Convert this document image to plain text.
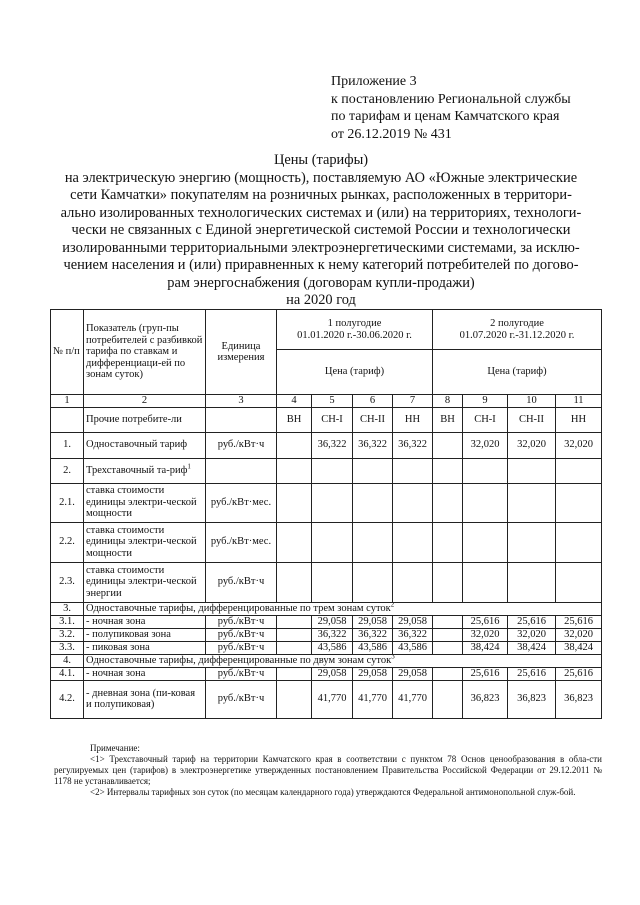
Приложение 3
к постановлению Региональной службы
по тарифам и ценам Камчатского края
от 26.12.2019 № 431
Цены (тарифы)
на электрическую энергию (мощность), поставляемую АО «Южные электрические
сети Камчатки» покупателям на розничных рынках, расположенных в территори-
ально изолированных технологических системах и (или) на территориях, технологи-
чески не связанных с Единой энергетической системой России и технологически
изолированными территориальными электроэнергетическими системами, за исклю-
чением населения и (или) приравненных к нему категорий потребителей по догово-
рам энергоснабжения (договорам купли-продажи)
на 2020 год
№ п/п	Показатель (груп-пы потребителей с разбивкой тарифа по ставкам и дифференциаци-ей по зонам суток)	Единица измерения	1 полугодие
01.01.2020 г.-30.06.2020 г.				2 полугодие
01.07.2020 г.-31.12.2020 г.			
			Цена (тариф)				Цена (тариф)			
1	2	3	4	5	6	7	8	9	10	11
	Прочие потребите-ли		ВН	СН-I	СН-II	НН	ВН	СН-I	СН-II	НН
1.	Одноставочный тариф	руб./кВт·ч		36,322	36,322	36,322		32,020	32,020	32,020
2.	Трехставочный та-риф$^1$									
2.1.	ставка стоимости единицы электри-ческой мощности	руб./кВт·мес.								
2.2.	ставка стоимости единицы электри-ческой мощности	руб./кВт·мес.								
2.3.	ставка стоимости единицы электри-ческой энергии	руб./кВт·ч								
3.	Одноставочные тарифы, дифференцированные по трем зонам суток$^2$
3.1.	- ночная зона	руб./кВт·ч		29,058	29,058	29,058		25,616	25,616	25,616
3.2.	- полупиковая зона	руб./кВт·ч		36,322	36,322	36,322		32,020	32,020	32,020
3.3.	- пиковая зона	руб./кВт·ч		43,586	43,586	43,586		38,424	38,424	38,424
4.	Одноставочные тарифы, дифференцированные по двум зонам суток$^3$
4.1.	- ночная зона	руб./кВт·ч		29,058	29,058	29,058		25,616	25,616	25,616
4.2.	- дневная зона (пи-ковая и полупиковая)	руб./кВт·ч		41,770	41,770	41,770		36,823	36,823	36,823

Примечание:

<1> Трехставочный тариф на территории Камчатского края в соответствии с пунктом 78 Основ ценообразования в обла-сти регулируемых цен (тарифов) в электроэнергетике утвержденных постановлением Правительства Российской Федерации от 29.12.2011 № 1178 не устанавливается;

<2> Интервалы тарифных зон суток (по месяцам календарного года) утверждаются Федеральной антимонопольной служ-бой.
